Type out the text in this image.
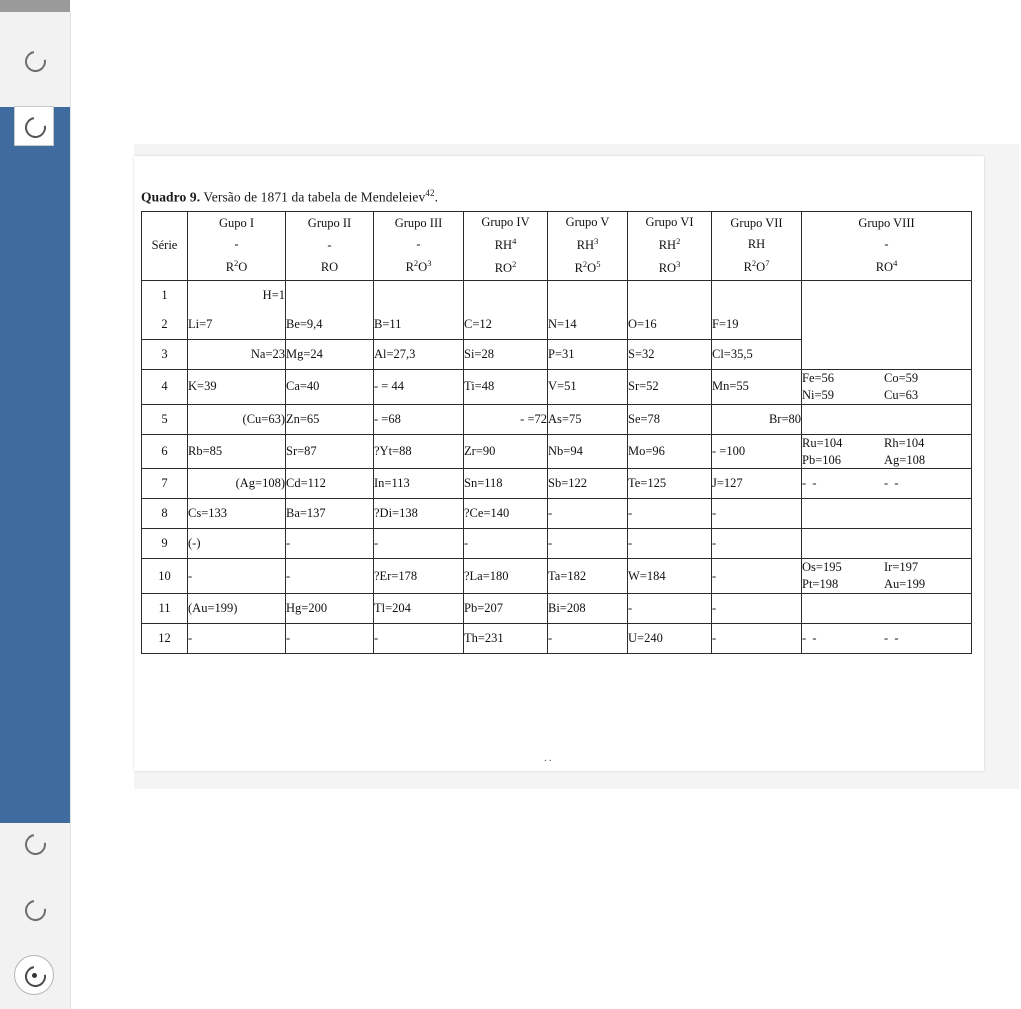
Quadro 9. Versão de 1871 da tabela de Mendeleiev$^{42}$.
Série	
Gupo I
-
$R^2O$

Grupo II
-
RO

Grupo III
-
$R^2O^3$

Grupo IV
$RH^4$
$RO^2$

Grupo V
$RH^3$
$R^2O^5$

Grupo VI
$RH^2$
$RO^3$

Grupo VII
RH
$R^2O^7$

Grupo VIII
-
$RO^4$

1	H=1							
2	Li=7	Be=9,4	B=11	C=12	N=14	O=16	F=19	
3	Na=23	Mg=24	Al=27,3	Si=28	P=31	S=32	Cl=35,5	
4	K=39	Ca=40	- = 44	Ti=48	V=51	Sr=52	Mn=55	Fe=56 Co=59
Ni=59 Cu=63

5	(Cu=63)	Zn=65	- =68	- =72	As=75	Se=78	Br=80	
6	Rb=85	Sr=87	?Yt=88	Zr=90	Nb=94	Mo=96	- =100	Ru=104 Rh=104
Pb=106 Ag=108

7	(Ag=108)	Cd=112	In=113	Sn=118	Sb=122	Te=125	J=127	- - - -
8	Cs=133	Ba=137	?Di=138	?Ce=140	-	-	-	
9	(-)	-	-	-	-	-	-	
10	-	-	?Er=178	?La=180	Ta=182	W=184	-	Os=195 Ir=197
Pt=198 Au=199

11	(Au=199)	Hg=200	Tl=204	Pb=207	Bi=208	-	-	
12	-	-	-	Th=231	-	U=240	-	- - - -
..
